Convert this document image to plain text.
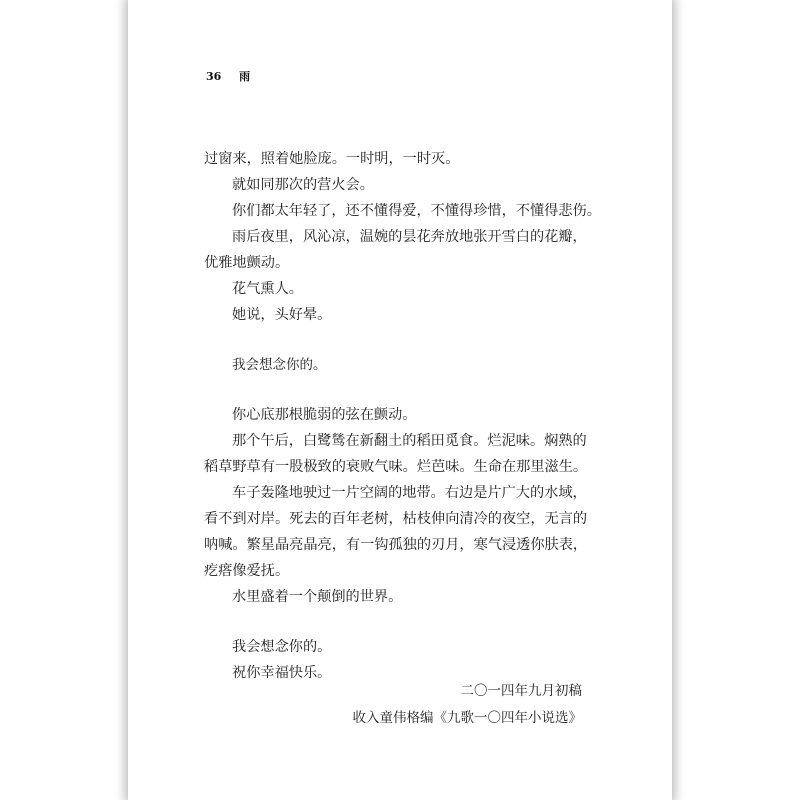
36 雨

过窗来，照着她脸庞。一时明，一时灭。

就如同那次的营火会。

你们都太年轻了，还不懂得爱，不懂得珍惜，不懂得悲伤。

雨后夜里，风沁凉，温婉的昙花奔放地张开雪白的花瓣，

优雅地颤动。

花气熏人。

她说，头好晕。

我会想念你的。

你心底那根脆弱的弦在颤动。

那个午后，白鹭鸶在新翻土的稻田觅食。烂泥味。焖熟的

稻草野草有一股极致的衰败气味。烂芭味。生命在那里滋生。

车子轰隆地驶过一片空阔的地带。右边是片广大的水域，

看不到对岸。死去的百年老树，枯枝伸向清冷的夜空，无言的

呐喊。繁星晶亮晶亮，有一钩孤独的刃月，寒气浸透你肤表，

疙瘩像爱抚。

水里盛着一个颠倒的世界。

我会想念你的。

祝你幸福快乐。

二〇一四年九月初稿
收入童伟格编《九歌一〇四年小说选》
